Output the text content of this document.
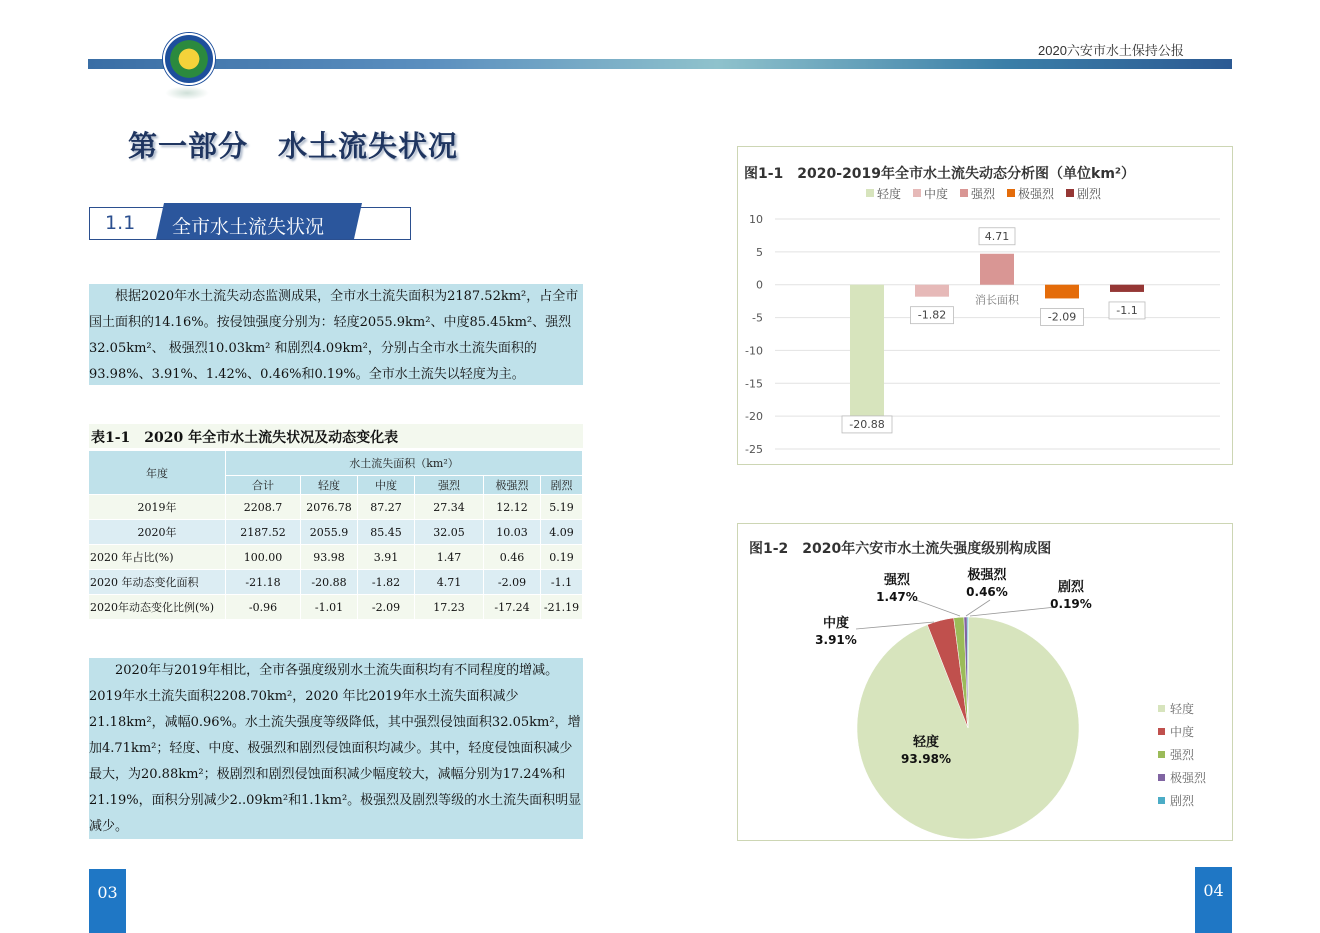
2020六安市水土保持公报
第一部分　水土流失状况
1.1 全市水土流失状况

根据2020年水土流失动态监测成果，全市水土流失面积为2187.52km²，占全市国土面积的14.16%。按侵蚀强度分别为：轻度2055.9km²、中度85.45km²、强烈32.05km²、 极强烈10.03km² 和剧烈4.09km²，分别占全市水土流失面积的93.98%、3.91%、1.42%、0.46%和0.19%。全市水土流失以轻度为主。

表1-1　2020 年全市水土流失状况及动态变化表
年度	水土流失面积（km²）					
	合计	轻度	中度	强烈	极强烈	剧烈
2019年	2208.7	2076.78	87.27	27.34	12.12	5.19
2020年	2187.52	2055.9	85.45	32.05	10.03	4.09
2020 年占比(%)	100.00	93.98	3.91	1.47	0.46	0.19
2020 年动态变化面积	-21.18	-20.88	-1.82	4.71	-2.09	-1.1
2020年动态变化比例(%)	-0.96	-1.01	-2.09	17.23	-17.24	-21.19

2020年与2019年相比，全市各强度级别水土流失面积均有不同程度的增减。2019年水土流失面积2208.70km²，2020 年比2019年水土流失面积减少21.18km²，减幅0.96%。水土流失强度等级降低，其中强烈侵蚀面积32.05km²，增加4.71km²；轻度、中度、极强烈和剧烈侵蚀面积均减少。其中，轻度侵蚀面积减少最大，为20.88km²；极剧烈和剧烈侵蚀面积减少幅度较大，减幅分别为17.24%和21.19%，面积分别减少2..09km²和1.1km²。极强烈及剧烈等级的水土流失面积明显减少。

图1-1　2020-2019年全市水土流失动态分析图（单位km²）
轻度 中度 强烈 极强烈 剧烈
10
5
0
-5
-10
-15
-20
-25
-20.88
-1.82
4.71
-2.09
-1.1
消长面积
图1-2　2020年六安市水土流失强度级别构成图
轻度
93.98%
中度
3.91%
强烈
1.47%
极强烈
0.46%	剧烈
0.19%
轻度
中度
强烈
极强烈
剧烈
03	04
